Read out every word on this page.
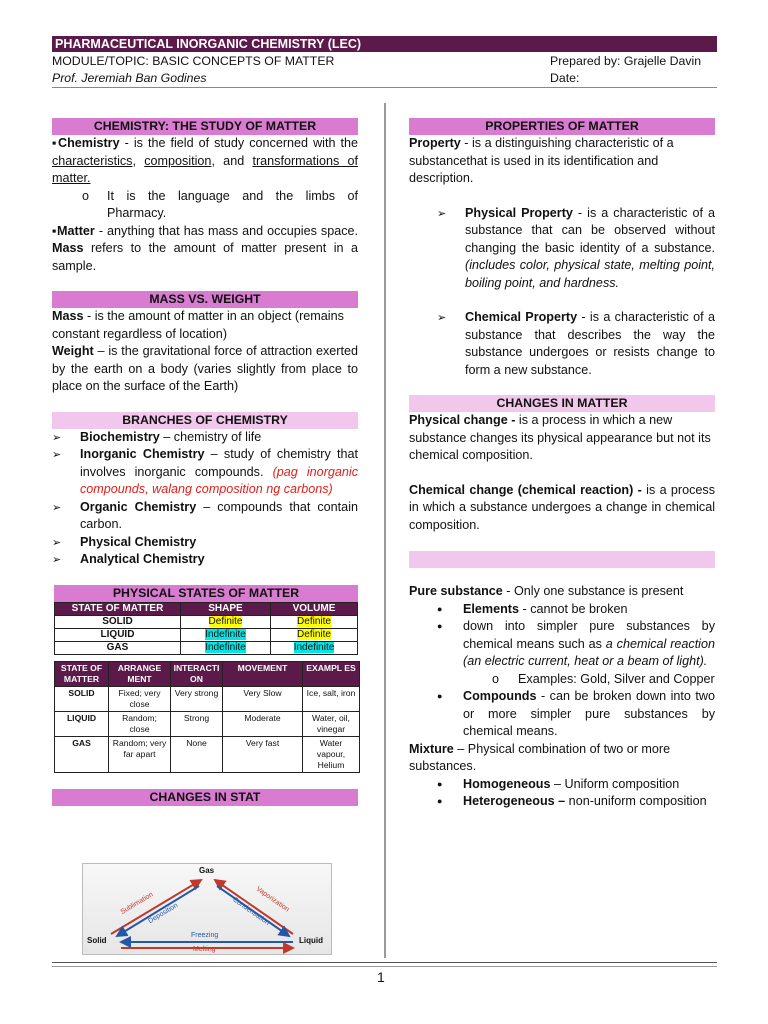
PHARMACEUTICAL INORGANIC CHEMISTRY (LEC)
MODULE/TOPIC: BASIC CONCEPTS OF MATTER	Prepared by: Grajelle Davin
Prof. Jeremiah Ban Godines	Date:
CHEMISTRY: THE STUDY OF MATTER
▪Chemistry - is the field of study concerned with the characteristics, composition, and transformations of matter.
o It is the language and the limbs of Pharmacy.
▪Matter - anything that has mass and occupies space. Mass refers to the amount of matter present in a sample.
MASS VS. WEIGHT
Mass - is the amount of matter in an object (remains constant regardless of location)
Weight – is the gravitational force of attraction exerted by the earth on a body (varies slightly from place to place on the surface of the Earth)
BRANCHES OF CHEMISTRY
➢ Biochemistry – chemistry of life
➢ Inorganic Chemistry – study of chemistry that involves inorganic compounds. (pag inorganic compounds, walang composition ng carbons)
➢ Organic Chemistry – compounds that contain carbon.
➢ Physical Chemistry
➢ Analytical Chemistry
PHYSICAL STATES OF MATTER
STATE OF MATTER	SHAPE	VOLUME
SOLID	Definite	Definite
LIQUID	Indefinite	Definite
GAS	Indefinite	Indefinite
STATE OF MATTER	ARRANGE MENT	INTERACTI ON	MOVEMENT	EXAMPL ES
SOLID	Fixed; very close	Very strong	Very Slow	Ice, salt, iron
LIQUID	Random; close	Strong	Moderate	Water, oil, vinegar
GAS	Random; very far apart	None	Very fast	Water vapour, Helium
CHANGES IN STAT
Gas
Solid	Liquid
Sublimation
Deposition
Vaporization
Condensation
Freezing
Melting
PROPERTIES OF MATTER
Property - is a distinguishing characteristic of a substancethat is used in its identification and description.
➢ Physical Property - is a characteristic of a substance that can be observed without changing the basic identity of a substance. (includes color, physical state, melting point, boiling point, and hardness.
➢ Chemical Property - is a characteristic of a substance that describes the way the substance undergoes or resists change to form a new substance.
CHANGES IN MATTER
Physical change - is a process in which a new substance changes its physical appearance but not its chemical composition.
Chemical change (chemical reaction) - is a process in which a substance undergoes a change in chemical composition.
Pure substance - Only one substance is present
● Elements - cannot be broken
● down into simpler pure substances by chemical means such as a chemical reaction (an electric current, heat or a beam of light).
o Examples: Gold, Silver and Copper
● Compounds - can be broken down into two or more simpler pure substances by chemical means.
Mixture – Physical combination of two or more substances.
● Homogeneous – Uniform composition
● Heterogeneous – non-uniform composition
1
